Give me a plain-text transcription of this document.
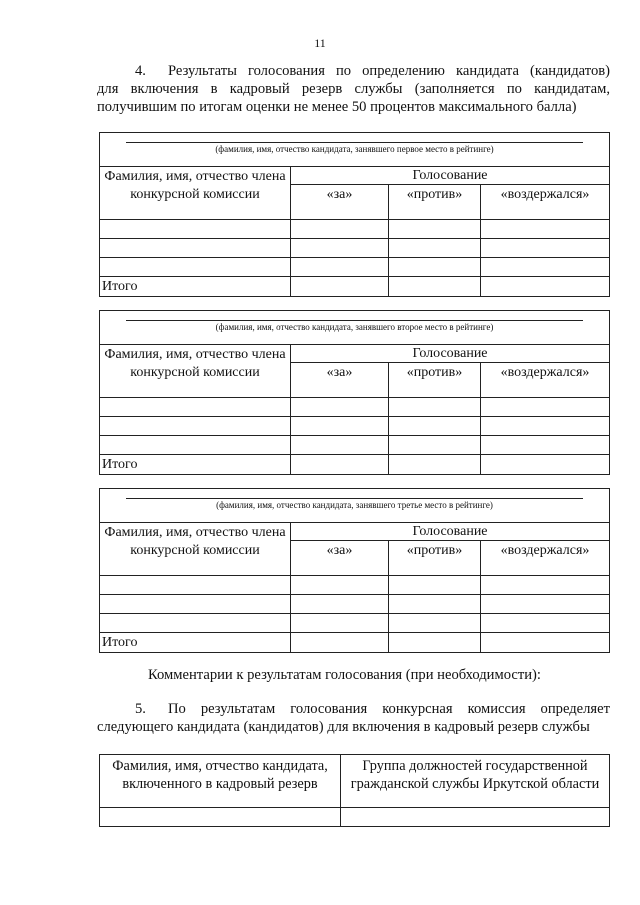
11
4. Результаты голосования по определению кандидата (кандидатов)
для включения в кадровый резерв службы (заполняется по кандидатам,
получившим по итогам оценки не менее 50 процентов максимального балла)
(фамилия, имя, отчество кандидата, занявшего первое место в рейтинге)			

Фамилия, имя, отчество члена конкурсной комиссии	Голосование		
	«за»	«против»	«воздержался»

Итого			
(фамилия, имя, отчество кандидата, занявшего второе место в рейтинге)			

Фамилия, имя, отчество члена конкурсной комиссии	Голосование		
	«за»	«против»	«воздержался»

Итого			
(фамилия, имя, отчество кандидата, занявшего третье место в рейтинге)			

Фамилия, имя, отчество члена конкурсной комиссии	Голосование		
	«за»	«против»	«воздержался»

Итого			
Комментарии к результатам голосования (при необходимости):
5. По результатам голосования конкурсная комиссия определяет
следующего кандидата (кандидатов) для включения в кадровый резерв службы
Фамилия, имя, отчество кандидата, включенного в кадровый резерв	Группа должностей государственной гражданской службы Иркутской области
